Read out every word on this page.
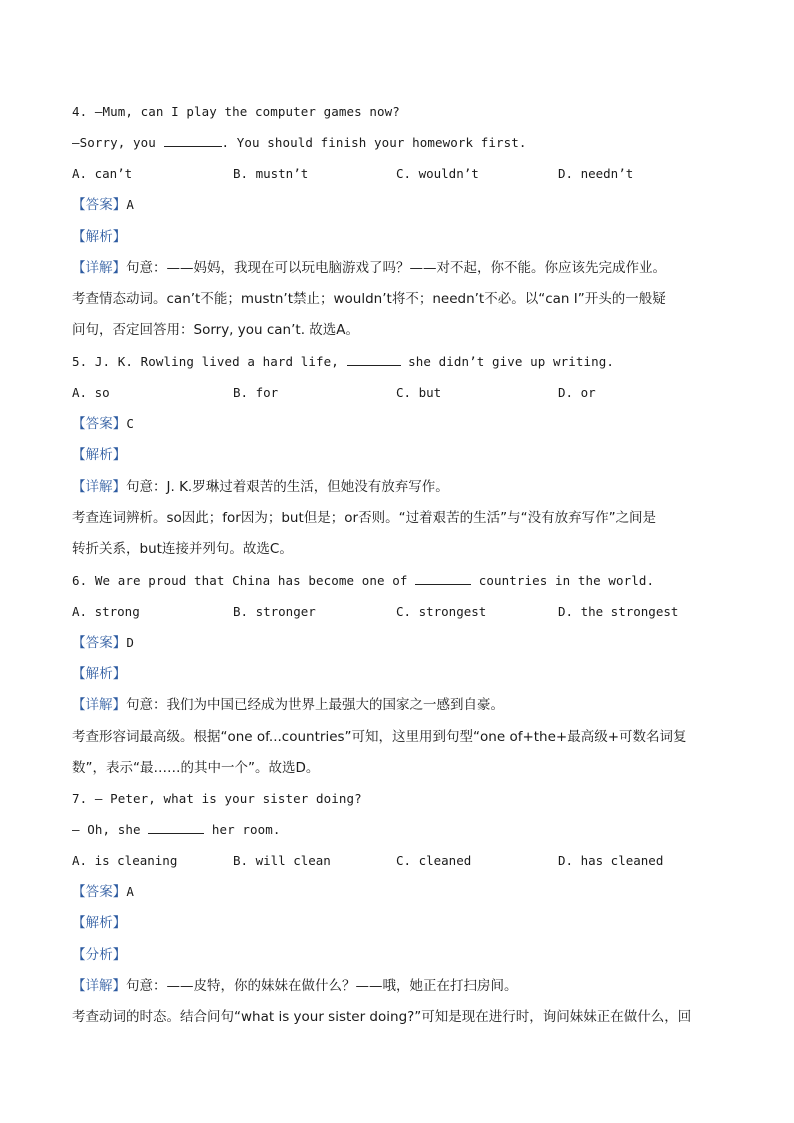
4. —Mum, can I play the computer games now?
—Sorry, you	. You should finish your homework first.
A. can’t	B. mustn’t	C. wouldn’t	D. needn’t
【答案】A
【解析】
【详解】句意：——妈妈，我现在可以玩电脑游戏了吗？——对不起，你不能。你应该先完成作业。
考查情态动词。can’t不能；mustn’t禁止；wouldn’t将不；needn’t不必。以“can I”开头的一般疑
问句，否定回答用：Sorry, you can’t. 故选A。
5. J. K. Rowling lived a hard life,	she didn’t give up writing.
A. so	B. for	C. but	D. or
【答案】C
【解析】
【详解】句意：J. K.罗琳过着艰苦的生活，但她没有放弃写作。
考查连词辨析。so因此；for因为；but但是；or否则。“过着艰苦的生活”与“没有放弃写作”之间是
转折关系，but连接并列句。故选C。
6. We are proud that China has become one of	countries in the world.
A. strong	B. stronger	C. strongest	D. the strongest
【答案】D
【解析】
【详解】句意：我们为中国已经成为世界上最强大的国家之一感到自豪。
考查形容词最高级。根据“one of...countries”可知，这里用到句型“one of+the+最高级+可数名词复
数”，表示“最……的其中一个”。故选D。
7. — Peter, what is your sister doing?
— Oh, she	her room.
A. is cleaning	B. will clean	C. cleaned	D. has cleaned
【答案】A
【解析】
【分析】
【详解】句意：——皮特，你的妹妹在做什么？——哦，她正在打扫房间。
考查动词的时态。结合问句“what is your sister doing?”可知是现在进行时，询问妹妹正在做什么，回
